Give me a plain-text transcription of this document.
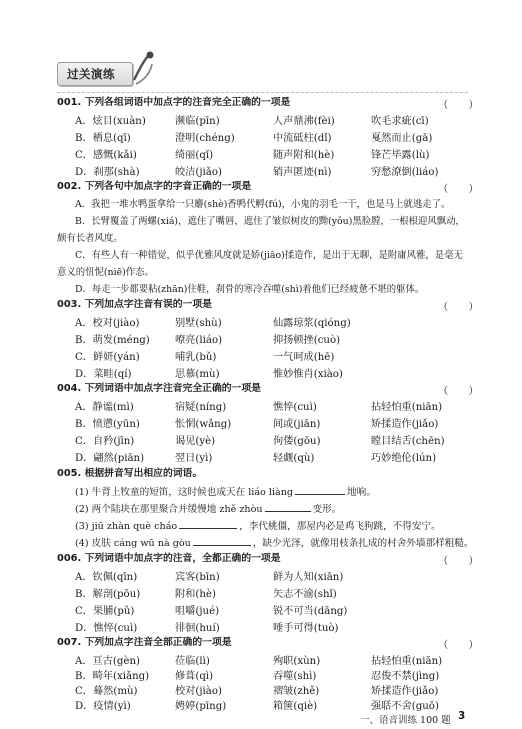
过关演练
001. 下列各组词语中加点字的注音完全正确的一项是	（　　）
A．炫目(xuàn)	濒临(pīn)	人声鼎沸(fèi)	吹毛求疵(cī)
B．栖息(qī)	澄明(chéng)	中流砥柱(dǐ)	戛然而止(gā)
C．感慨(kǎi)	绮丽(qǐ)	随声附和(hè)	锋芒毕露(lù)
D．刹那(shà)	皎洁(jiǎo)	销声匿迹(nì)	穷愁潦倒(liáo)
002. 下列各句中加点字的字音正确的一项是	（　　）
A．我把一堆水鸭蛋拿给一只麝(shè)香鸭代孵(fú)，小鬼的羽毛一干，也是马上就逃走了。
B．长臂覆盖了两螺(xiá)，遮住了嘴唇，遮住了皱似树皮的黝(yǒu)黑脸膛，一根根迎风飘动，
颇有长者风度。
C．有些人有一种错觉，似乎优雅风度就是娇(jiāo)揉造作，是出于无聊，是附庸风雅，是毫无
意义的忸怩(niē)作态。
D．每走一步都要粘(zhān)住鞋，刹骨的寒冷吞噬(shì)着他们已经疲惫不堪的躯体。
003. 下列加点字注音有误的一项是	（　　）
A．校对(jiào)	别墅(shù)	仙露琼浆(qióng)
B．萌发(méng) 嘹亮(liáo)	抑扬顿挫(cuò)
C．鲜妍(yán)	哺乳(bǔ)	一气呵成(hē)
D．菜畦(qí)	思慕(mù)	惟妙惟肖(xiào)
004. 下列词语中加点字注音完全正确的一项是	（　　）
A．静谧(mì)	宿疑(níng)	憔悴(cuì)	拈轻怕重(niān)
B．愤懑(yūn)	怅惘(wǎng)	间或(jiān)	矫揉造作(jiǎo)
C．自矜(jīn)	谒见(yè)	佝偻(gōu)	瞠目结舌(chēn)
D．翩然(piān)	翌日(yì)	轻觑(qù)	巧妙绝伦(lún)
005. 根据拼音写出相应的词语。
(1) 牛背上牧童的短笛，这时候也成天在 liáo liàng	地响。
(2) 两个陆块在那里聚合并缓慢地 zhě zhòu	变形。
(3) jiū zhàn què cháo	，李代桃僵，那屋内必是鸡飞狗跳，不得安宁。
(4) 皮肤 cáng wū nà gòu	，缺少光泽，就像用枝条扎成的村舍外墙那样粗糙。
006. 下列词语中加点字的注音，全都正确的一项是	（　　）
A．钦佩(qīn)	宾客(bīn)	鲜为人知(xiān)
B．解剖(pōu)	附和(hè)	矢志不渝(shǐ)
C．果脯(pǔ)	咀嚼(jué)	锐不可当(dāng)
D．憔悴(cuì)	徘徊(huí)	唾手可得(tuò)
007. 下列加点字注音全部正确的一项是	（　　）
A．亘古(gèn)	莅临(lì)	殉职(xùn)	拈轻怕重(niān)
B．畸年(xiǎng)	修葺(qì)	吞噬(shì)	忍俊不禁(jìng)
C．蓦然(mù)	校对(jiào)	褶皱(zhě)	矫揉造作(jiǎo)
D．疫情(yì)	娉婷(pīng)	箱箧(qiè)	强聒不舍(guō)
一、语音训练 100 题 3
